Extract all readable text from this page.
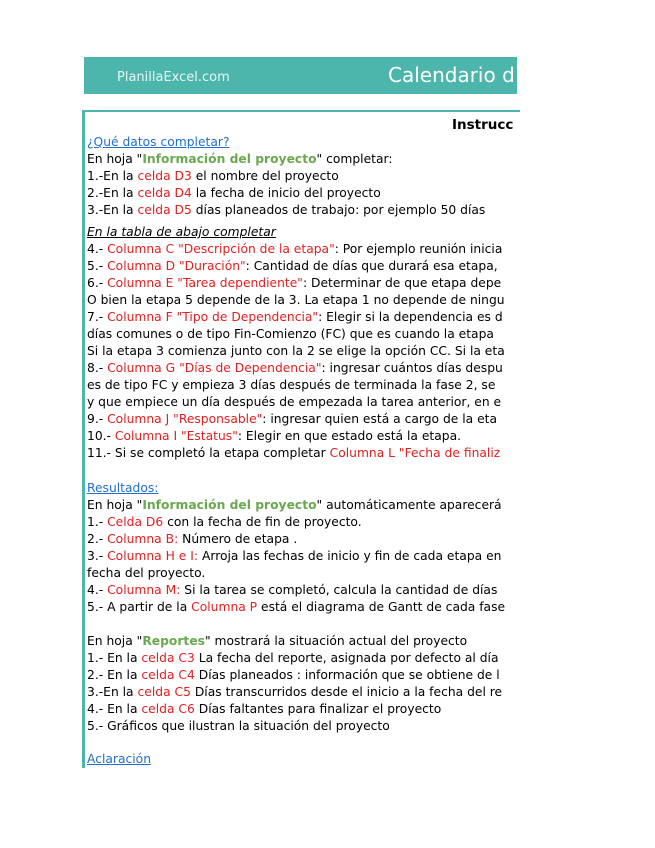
PlanillaExcel.com	Calendario d
Instrucc
¿Qué datos completar?
En hoja "Información del proyecto" completar:
1.-En la celda D3 el nombre del proyecto
2.-En la celda D4 la fecha de inicio del proyecto
3.-En la celda D5 días planeados de trabajo: por ejemplo 50 días
En la tabla de abajo completar
4.- Columna C "Descripción de la etapa": Por ejemplo reunión inicia
5.- Columna D "Duración": Cantidad de días que durará esa etapa,
6.- Columna E "Tarea dependiente": Determinar de que etapa depe
O bien la etapa 5 depende de la 3. La etapa 1 no depende de ningu
7.- Columna F "Tipo de Dependencia": Elegir si la dependencia es d
días comunes o de tipo Fin-Comienzo (FC) que es cuando la etapa
Si la etapa 3 comienza junto con la 2 se elige la opción CC. Si la eta
8.- Columna G "Días de Dependencia": ingresar cuántos días despu
es de tipo FC y empieza 3 días después de terminada la fase 2, se
y que empiece un día después de empezada la tarea anterior, en e
9.- Columna J "Responsable": ingresar quien está a cargo de la eta
10.- Columna I "Estatus": Elegir en que estado está la etapa.
11.- Si se completó la etapa completar Columna L "Fecha de finaliz
Resultados:
En hoja "Información del proyecto" automáticamente aparecerá
1.- Celda D6 con la fecha de fin de proyecto.
2.- Columna B: Número de etapa .
3.- Columna H e I: Arroja las fechas de inicio y fin de cada etapa en
fecha del proyecto.
4.- Columna M: Si la tarea se completó, calcula la cantidad de días
5.- A partir de la Columna P está el diagrama de Gantt de cada fase
En hoja "Reportes" mostrará la situación actual del proyecto
1.- En la celda C3 La fecha del reporte, asignada por defecto al día
2.- En la celda C4 Días planeados : información que se obtiene de l
3.-En la celda C5 Días transcurridos desde el inicio a la fecha del re
4.- En la celda C6 Días faltantes para finalizar el proyecto
5.- Gráficos que ilustran la situación del proyecto
Aclaración
